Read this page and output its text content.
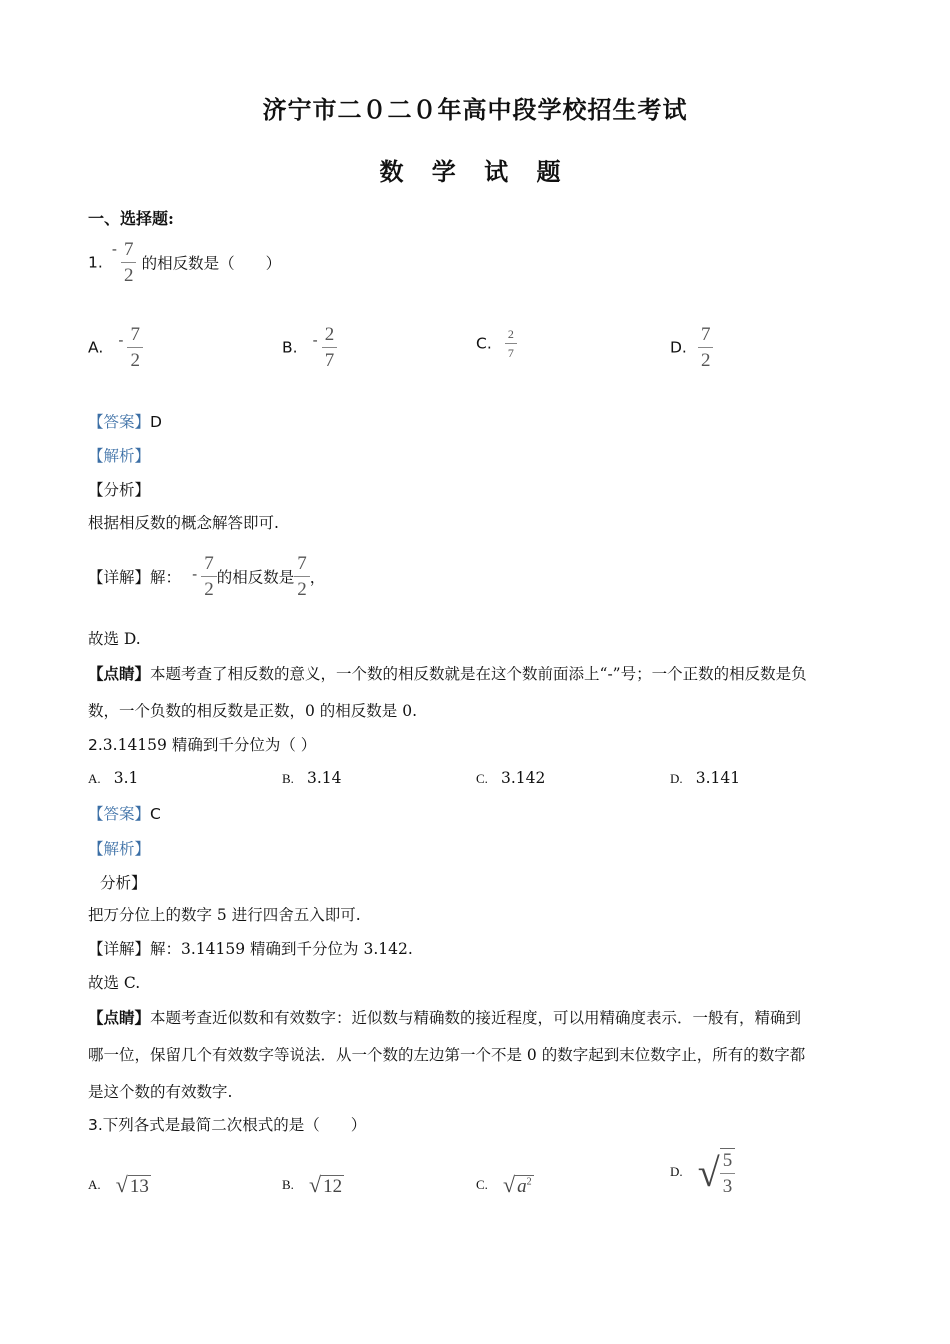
济宁市二０二０年高中段学校招生考试
数 学 试 题
一、选择题:
1. - $\frac{7}{2}$ 的相反数是（　　）
A. - $\frac{7}{2}$	B. - $\frac{2}{7}$	C. $\frac{2}{7}$	D. $\frac{7}{2}$
【答案】D
【解析】
【分析】
根据相反数的概念解答即可.
【详解】解： - $\frac{7}{2}$ 的相反数是 $\frac{7}{2}$ ，
故选 D.
【点睛】本题考查了相反数的意义，一个数的相反数就是在这个数前面添上“-”号；一个正数的相反数是负
数，一个负数的相反数是正数，0 的相反数是 0.
2.3.14159 精确到千分位为（ ）
A. 3.1	B. 3.14	C. 3.142	D. 3.141
【答案】C
【解析】
分析】
把万分位上的数字 5 进行四舍五入即可.
【详解】解：3.14159 精确到千分位为 3.142.
故选 C.
【点睛】本题考查近似数和有效数字：近似数与精确数的接近程度，可以用精确度表示．一般有，精确到
哪一位，保留几个有效数字等说法．从一个数的左边第一个不是 0 的数字起到末位数字止，所有的数字都
是这个数的有效数字.
3.下列各式是最简二次根式的是（　　）
A. √ 13	B. √ 12	C. √ $a^2$
D. √ $\frac{5}{3}$
